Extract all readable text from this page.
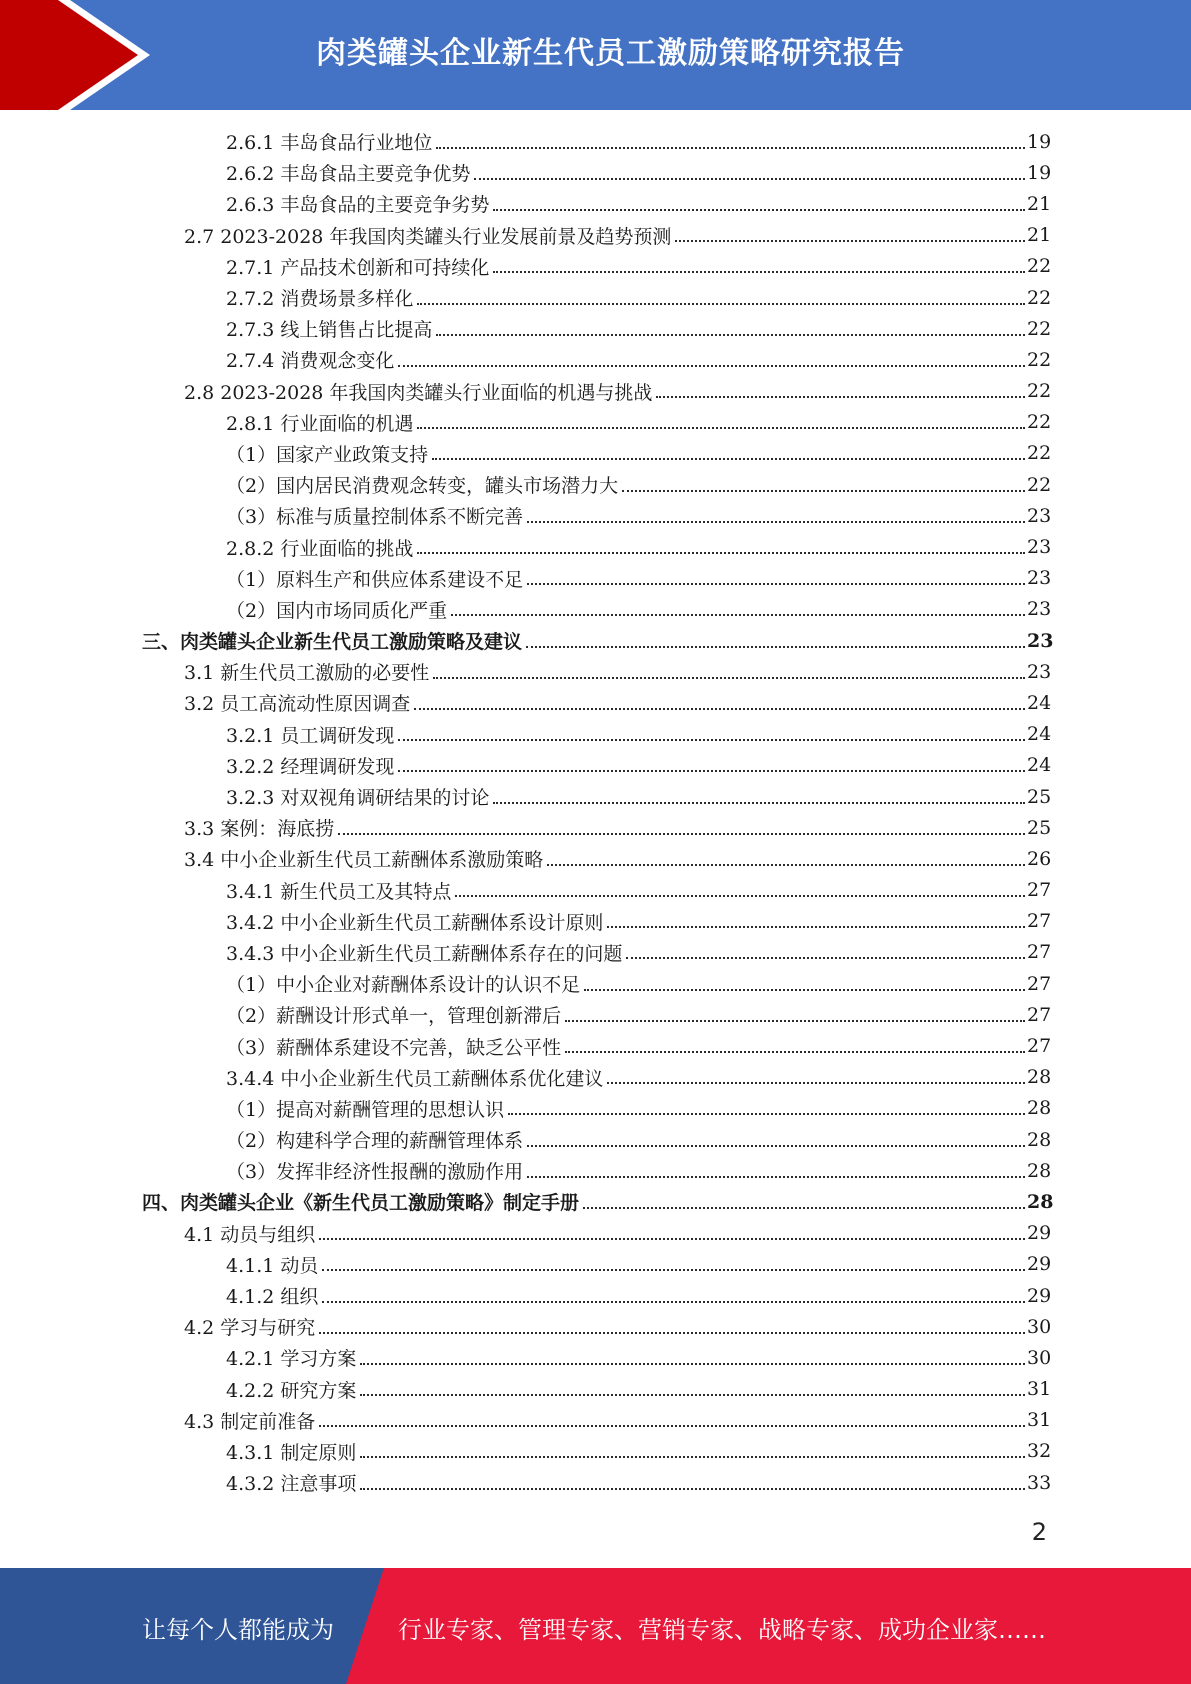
肉类罐头企业新生代员工激励策略研究报告
2.6.1 丰岛食品行业地位	19
2.6.2 丰岛食品主要竞争优势	19
2.6.3 丰岛食品的主要竞争劣势	21
2.7 2023-2028 年我国肉类罐头行业发展前景及趋势预测	21
2.7.1 产品技术创新和可持续化	22
2.7.2 消费场景多样化	22
2.7.3 线上销售占比提高	22
2.7.4 消费观念变化	22
2.8 2023-2028 年我国肉类罐头行业面临的机遇与挑战	22
2.8.1 行业面临的机遇	22
（1）国家产业政策支持	22
（2）国内居民消费观念转变，罐头市场潜力大	22
（3）标准与质量控制体系不断完善	23
2.8.2 行业面临的挑战	23
（1）原料生产和供应体系建设不足	23
（2）国内市场同质化严重	23
三、肉类罐头企业新生代员工激励策略及建议	23
3.1 新生代员工激励的必要性	23
3.2 员工高流动性原因调查	24
3.2.1 员工调研发现	24
3.2.2 经理调研发现	24
3.2.3 对双视角调研结果的讨论	25
3.3 案例：海底捞	25
3.4 中小企业新生代员工薪酬体系激励策略	26
3.4.1 新生代员工及其特点	27
3.4.2 中小企业新生代员工薪酬体系设计原则	27
3.4.3 中小企业新生代员工薪酬体系存在的问题	27
（1）中小企业对薪酬体系设计的认识不足	27
（2）薪酬设计形式单一，管理创新滞后	27
（3）薪酬体系建设不完善，缺乏公平性	27
3.4.4 中小企业新生代员工薪酬体系优化建议	28
（1）提高对薪酬管理的思想认识	28
（2）构建科学合理的薪酬管理体系	28
（3）发挥非经济性报酬的激励作用	28
四、肉类罐头企业《新生代员工激励策略》制定手册	28
4.1 动员与组织	29
4.1.1 动员	29
4.1.2 组织	29
4.2 学习与研究	30
4.2.1 学习方案	30
4.2.2 研究方案	31
4.3 制定前准备	31
4.3.1 制定原则	32
4.3.2 注意事项	33
2
让每个人都能成为	行业专家、管理专家、营销专家、战略专家、成功企业家……
